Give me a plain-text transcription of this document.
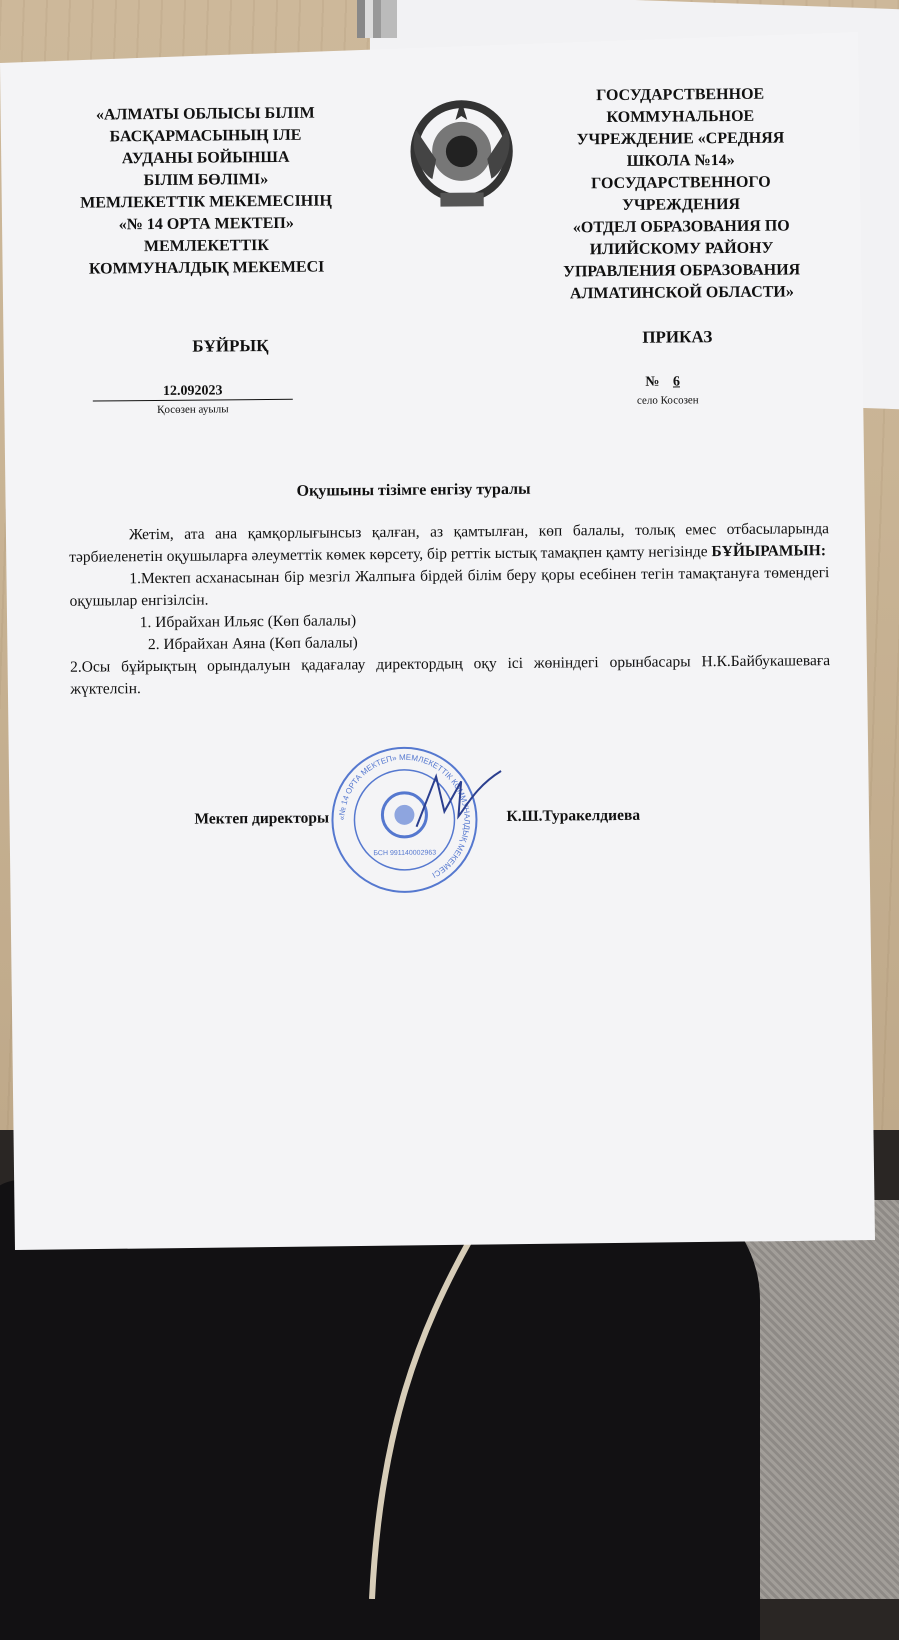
«АЛМАТЫ ОБЛЫСЫ БІЛІМ
БАСҚАРМАСЫНЫҢ ІЛЕ
АУДАНЫ БОЙЫНША
БІЛІМ БӨЛІМІ»
МЕМЛЕКЕТТІК МЕКЕМЕСІНІҢ
«№ 14 ОРТА МЕКТЕП»
МЕМЛЕКЕТТІК
КОММУНАЛДЫҚ МЕКЕМЕСІ
ГОСУДАРСТВЕННОЕ
КОММУНАЛЬНОЕ
УЧРЕЖДЕНИЕ «СРЕДНЯЯ
ШКОЛА №14»
ГОСУДАРСТВЕННОГО
УЧРЕЖДЕНИЯ
«ОТДЕЛ ОБРАЗОВАНИЯ ПО
ИЛИЙСКОМУ РАЙОНУ
УПРАВЛЕНИЯ ОБРАЗОВАНИЯ
АЛМАТИНСКОЙ ОБЛАСТИ»
БҰЙРЫҚ	ПРИКАЗ
12.092023
Қосөзен ауылы
№ 6
село Косозен
Оқушыны тізімге енгізу туралы

Жетім, ата ана қамқорлығынсыз қалған, аз қамтылған, көп балалы, толық емес отбасыларында тәрбиеленетін оқушыларға әлеуметтік көмек көрсету, бір реттік ыстық тамақпен қамту негізінде БҰЙЫРАМЫН:

1.Мектеп асханасынан бір мезгіл Жалпыға бірдей білім беру қоры есебінен тегін тамақтануға төмендегі оқушылар енгізілсін.

1. Ибрайхан Ильяс (Көп балалы)

2. Ибрайхан Аяна (Көп балалы)

2.Осы бұйрықтың орындалуын қадағалау директордың оқу ісі жөніндегі орынбасары Н.К.Байбукашеваға жүктелсін.

«№ 14 ОРТА МЕКТЕП» МЕМЛЕКЕТТІК КОММУНАЛДЫҚ МЕКЕМЕСІ
БСН 991140002963
Мектеп директоры	К.Ш.Туракелдиева
